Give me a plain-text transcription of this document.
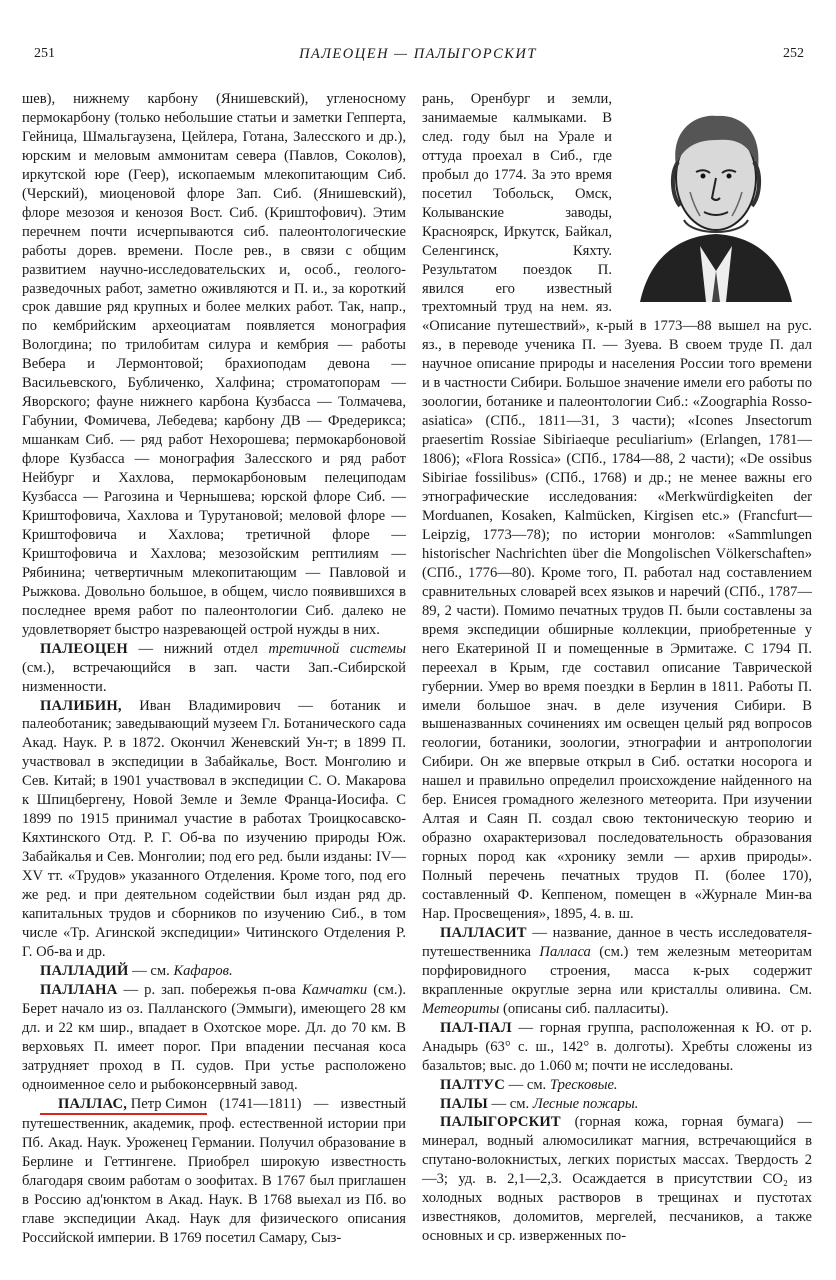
251	ПАЛЕОЦЕН — ПАЛЫГОРСКИТ	252

шев), нижнему карбону (Янишевский), угленосному пермокарбону (только небольшие статьи и заметки Гепперта, Гейница, Шмальгаузена, Цейлера, Готана, Залесского и др.), юрским и меловым аммонитам севера (Павлов, Соколов), иркутской юре (Геер), ископаемым млекопитающим Сиб. (Черский), миоценовой флоре Зап. Сиб. (Янишевский), флоре мезозоя и кенозоя Вост. Сиб. (Криштофович). Этим перечнем почти исчерпываются сиб. палеонтологические работы дорев. времени. После рев., в связи с общим развитием научно-исследовательских и, особ., геолого-разведочных работ, заметно оживляются и П. и., за короткий срок давшие ряд крупных и более мелких работ. Так, напр., по кембрийским археоциатам появляется монография Вологдина; по трилобитам силура и кембрия — работы Вебера и Лермонтовой; брахиоподам девона — Васильевского, Бубличенко, Халфина; строматопорам — Яворского; фауне нижнего карбона Кузбасса — Толмачева, Габунии, Фомичева, Лебедева; карбону ДВ — Фредерикса; мшанкам Сиб. — ряд работ Нехорошева; пермокарбоновой флоре Кузбасса — монография Залесского и ряд работ Нейбург и Хахлова, пермокарбоновым пелециподам Кузбасса — Рагозина и Чернышева; юрской флоре Сиб. — Криштофовича, Хахлова и Турутановой; меловой флоре — Криштофовича и Хахлова; третичной флоре — Криштофовича и Хахлова; мезозойским рептилиям — Рябинина; четвертичным млекопитающим — Павловой и Рыжкова. Довольно большое, в общем, число появившихся в последнее время работ по палеонтологии Сиб. далеко не удовлетворяет быстро назревающей острой нужды в них.

ПАЛЕОЦЕН — нижний отдел третичной системы (см.), встречающийся в зап. части Зап.-Сибирской низменности.

ПАЛИБИН, Иван Владимирович — ботаник и палеоботаник; заведывающий музеем Гл. Ботанического сада Акад. Наук. Р. в 1872. Окончил Женевский Ун-т; в 1899 П. участвовал в экспедиции в Забайкалье, Вост. Монголию и Сев. Китай; в 1901 участвовал в экспедиции С. О. Макарова к Шпицбергену, Новой Земле и Земле Франца-Иосифа. С 1899 по 1915 принимал участие в работах Троицкосавско-Кяхтинского Отд. Р. Г. Об-ва по изучению природы Юж. Забайкалья и Сев. Монголии; под его ред. были изданы: IV—XV тт. «Трудов» указанного Отделения. Кроме того, под его же ред. и при деятельном содействии был издан ряд др. капитальных трудов и сборников по изучению Сиб., в том числе «Тр. Агинской экспедиции» Читинского Отделения Р. Г. Об-ва и др.

ПАЛЛАДИЙ — см. Кафаров.

ПАЛЛАНА — р. зап. побережья п-ова Камчатки (см.). Берет начало из оз. Палланского (Эммыги), имеющего 28 км дл. и 22 км шир., впадает в Охотское море. Дл. до 70 км. В верховьях П. имеет порог. При впадении песчаная коса затрудняет проход в П. судов. При устье расположено одноименное село и рыбоконсервный завод.

ПАЛЛАС, Петр Симон (1741—1811) — известный путешественник, академик, проф. естественной истории при Пб. Акад. Наук. Уроженец Германии. Получил образование в Берлине и Геттингене. Приобрел широкую известность благодаря своим работам о зоофитах. В 1767 был приглашен в Россию ад'юнктом в Акад. Наук. В 1768 выехал из Пб. во главе экспедиции Акад. Наук для физического описания Российской империи. В 1769 посетил Самару, Сыз-

рань, Оренбург и земли, занимаемые калмыками. В след. году был на Урале и оттуда проехал в Сиб., где пробыл до 1774. За это время посетил Тобольск, Омск, Колыванские заводы, Красноярск, Иркутск, Байкал, Селенгинск, Кяхту. Результатом поездок П. явился его известный трехтомный труд на нем. яз. «Описание путешествий», к-рый в 1773—88 вышел на рус. яз., в переводе ученика П. — Зуева. В своем труде П. дал научное описание природы и населения России того времени и в частности Сибири. Большое значение имели его работы по зоологии, ботанике и палеонтологии Сиб.: «Zoographia Rosso-asiatica» (СПб., 1811—31, 3 части); «Icones Jnsectorum praesertim Rossiae Sibiriaeque peculiarium» (Erlangen, 1781—1806); «Flora Rossica» (СПб., 1784—88, 2 части); «De ossibus Sibiriae fossilibus» (СПб., 1768) и др.; не менее важны его этнографические исследования: «Merkwürdigkeiten der Morduanen, Kosaken, Kalmücken, Kirgisen etc.» (Francfurt—Leipzig, 1773—78); по истории монголов: «Sammlungen historischer Nachrichten über die Mongolischen Völkerschaften» (СПб., 1776—80). Кроме того, П. работал над составлением сравнительных словарей всех языков и наречий (СПб., 1787—89, 2 части). Помимо печатных трудов П. были составлены за время экспедиции обширные коллекции, приобретенные у него Екатериной II и помещенные в Эрмитаже. С 1794 П. переехал в Крым, где составил описание Таврической губернии. Умер во время поездки в Берлин в 1811. Работы П. имели большое знач. в деле изучения Сибири. В вышеназванных сочинениях им освещен целый ряд вопросов геологии, ботаники, зоологии, этнографии и антропологии Сибири. Он же впервые открыл в Сиб. остатки носорога и нашел и правильно определил происхождение найденного на бер. Енисея громадного железного метеорита. При изучении Алтая и Саян П. создал свою тектоническую теорию и образно охарактеризовал последовательность образования горных пород как «хронику земли — архив природы». Полный перечень печатных трудов П. (более 170), составленный Ф. Кеппеном, помещен в «Журнале Мин-ва Нар. Просвещения», 1895, 4. в. ш.

ПАЛЛАСИТ — название, данное в честь исследователя-путешественника Палласа (см.) тем железным метеоритам порфировидного строения, масса к-рых содержит вкрапленные округлые зерна или кристаллы оливина. См. Метеориты (описаны сиб. палласиты).

ПАЛ-ПАЛ — горная группа, расположенная к Ю. от р. Анадырь (63° с. ш., 142° в. долготы). Хребты сложены из базальтов; выс. до 1.060 м; почти не исследованы.

ПАЛТУС — см. Тресковые.

ПАЛЫ — см. Лесные пожары.

ПАЛЫГОРСКИТ (горная кожа, горная бумага) — минерал, водный алюмосиликат магния, встречающийся в спутано-волокнистых, легких пористых массах. Твердость 2—3; уд. в. 2,1—2,3. Осаждается в присутствии CO₂ из холодных водных растворов в трещинах и пустотах известняков, доломитов, мергелей, песчаников, а также основных и ср. изверженных по-
